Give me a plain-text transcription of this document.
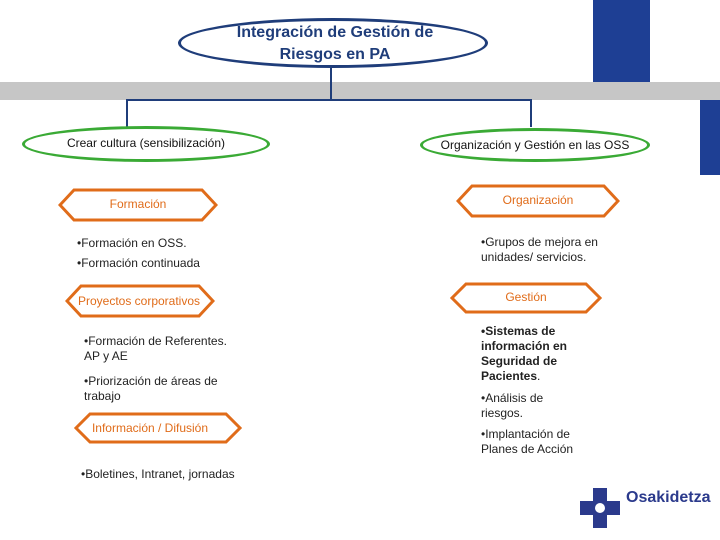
Integración de Gestión de
Riesgos en PA
Crear cultura (sensibilización)	Organización y Gestión en las OSS
Formación
•Formación en OSS.
•Formación continuada
Proyectos corporativos
•Formación de Referentes.
AP y AE
•Priorización de áreas de
trabajo
Información / Difusión
•Boletines, Intranet, jornadas
Organización
•Grupos de mejora en
unidades/ servicios.
Gestión
•Sistemas de
información en
Seguridad de
Pacientes.
•Análisis de
riesgos.
•Implantación de
Planes de Acción
Osakidetza
